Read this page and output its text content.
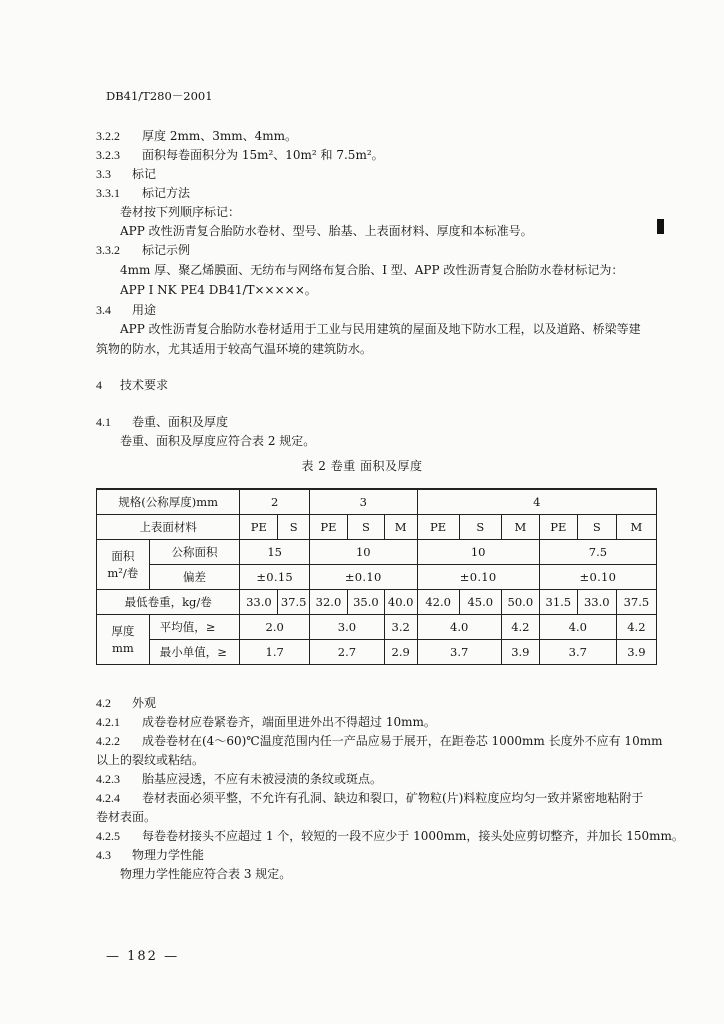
DB41/T280－2001
3.2.2 厚度 2mm、3mm、4mm。
3.2.3 面积每卷面积分为 15m²、10m² 和 7.5m²。
3.3 标记
3.3.1 标记方法
卷材按下列顺序标记：
APP 改性沥青复合胎防水卷材、型号、胎基、上表面材料、厚度和本标准号。
3.3.2 标记示例
4mm 厚、聚乙烯膜面、无纺布与网络布复合胎、I 型、APP 改性沥青复合胎防水卷材标记为：
APP I NK PE4 DB41/T×××××。
3.4 用途
APP 改性沥青复合胎防水卷材适用于工业与民用建筑的屋面及地下防水工程，以及道路、桥梁等建
筑物的防水，尤其适用于较高气温环境的建筑防水。
4 技术要求
4.1 卷重、面积及厚度
卷重、面积及厚度应符合表 2 规定。
表 2 卷重 面积及厚度
规格(公称厚度)mm		2		3			4					
上表面材料		PE	S	PE	S	M	PE	S	M	PE	S	M

面积
m²/卷	公称面积	15		10			10			7.5		
	偏差	±0.15		±0.10			±0.10			±0.10		
最低卷重，kg/卷		33.0	37.5	32.0	35.0	40.0	42.0	45.0	50.0	31.5	33.0	37.5

厚度
mm	平均值，≥	2.0		3.0		3.2	4.0		4.2	4.0		4.2
	最小单值，≥	1.7		2.7		2.9	3.7		3.9	3.7		3.9
4.2 外观
4.2.1 成卷卷材应卷紧卷齐，端面里进外出不得超过 10mm。
4.2.2 成卷卷材在(4～60)℃温度范围内任一产品应易于展开，在距卷芯 1000mm 长度外不应有 10mm
以上的裂纹或粘结。
4.2.3 胎基应浸透，不应有未被浸渍的条纹或斑点。
4.2.4 卷材表面必须平整，不允许有孔洞、缺边和裂口，矿物粒(片)料粒度应均匀一致并紧密地粘附于
卷材表面。
4.2.5 每卷卷材接头不应超过 1 个，较短的一段不应少于 1000mm，接头处应剪切整齐，并加长 150mm。
4.3 物理力学性能
物理力学性能应符合表 3 规定。
— 182 —
